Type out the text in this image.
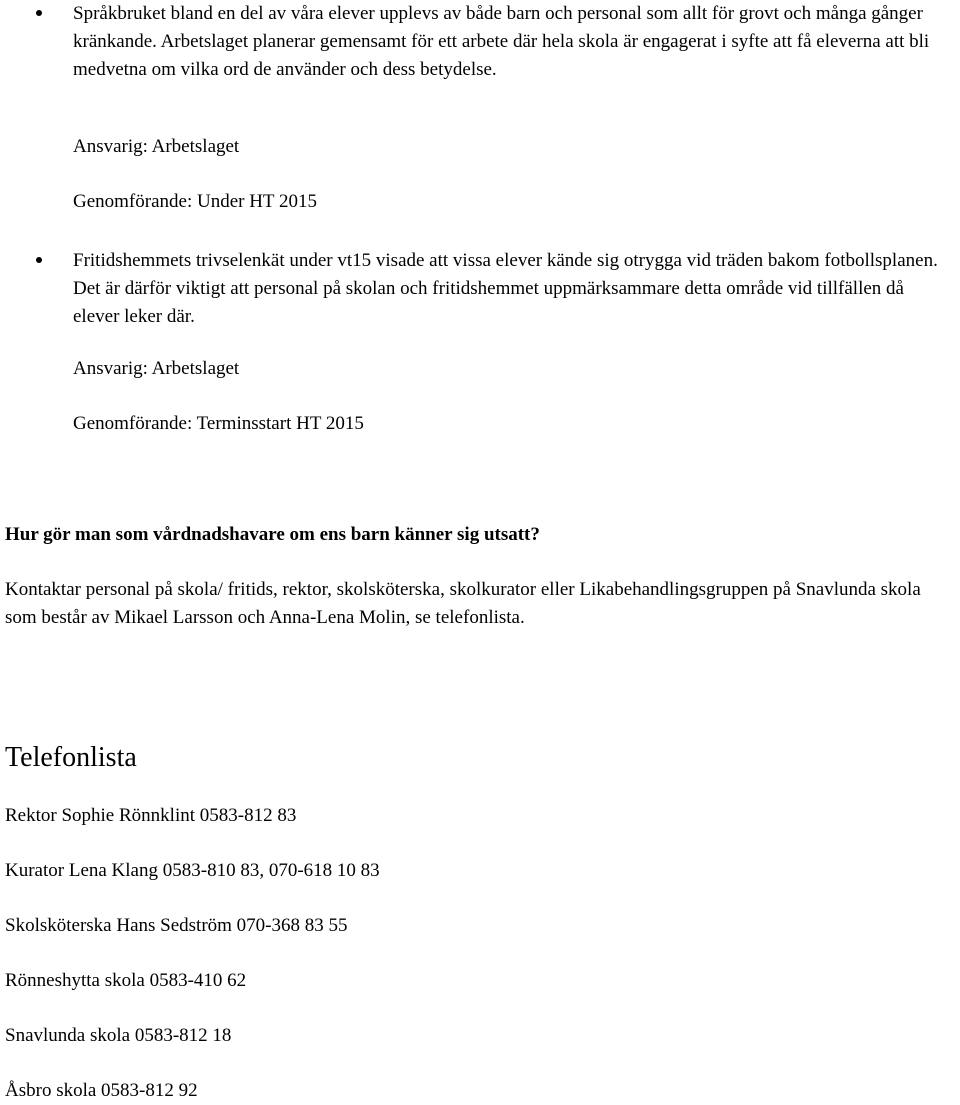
Språkbruket bland en del av våra elever upplevs av både barn och personal som allt för grovt och många gånger kränkande. Arbetslaget planerar gemensamt för ett arbete där hela skola är engagerat i syfte att få eleverna att bli medvetna om vilka ord de använder och dess betydelse.
Ansvarig: Arbetslaget
Genomförande: Under HT 2015
Fritidshemmets trivselenkät under vt15 visade att vissa elever kände sig otrygga vid träden bakom fotbollsplanen. Det är därför viktigt att personal på skolan och fritidshemmet uppmärksammare detta område vid tillfällen då elever leker där.
Ansvarig: Arbetslaget
Genomförande: Terminsstart HT 2015
Hur gör man som vårdnadshavare om ens barn känner sig utsatt?
Kontaktar personal på skola/ fritids, rektor, skolsköterska, skolkurator eller Likabehandlingsgruppen på Snavlunda skola som består av Mikael Larsson och Anna-Lena Molin, se telefonlista.
Telefonlista
Rektor Sophie Rönnklint 0583-812 83
Kurator Lena Klang 0583-810 83, 070-618 10 83
Skolsköterska Hans Sedström 070-368 83 55
Rönneshytta skola 0583-410 62
Snavlunda skola 0583-812 18
Åsbro skola 0583-812 92
